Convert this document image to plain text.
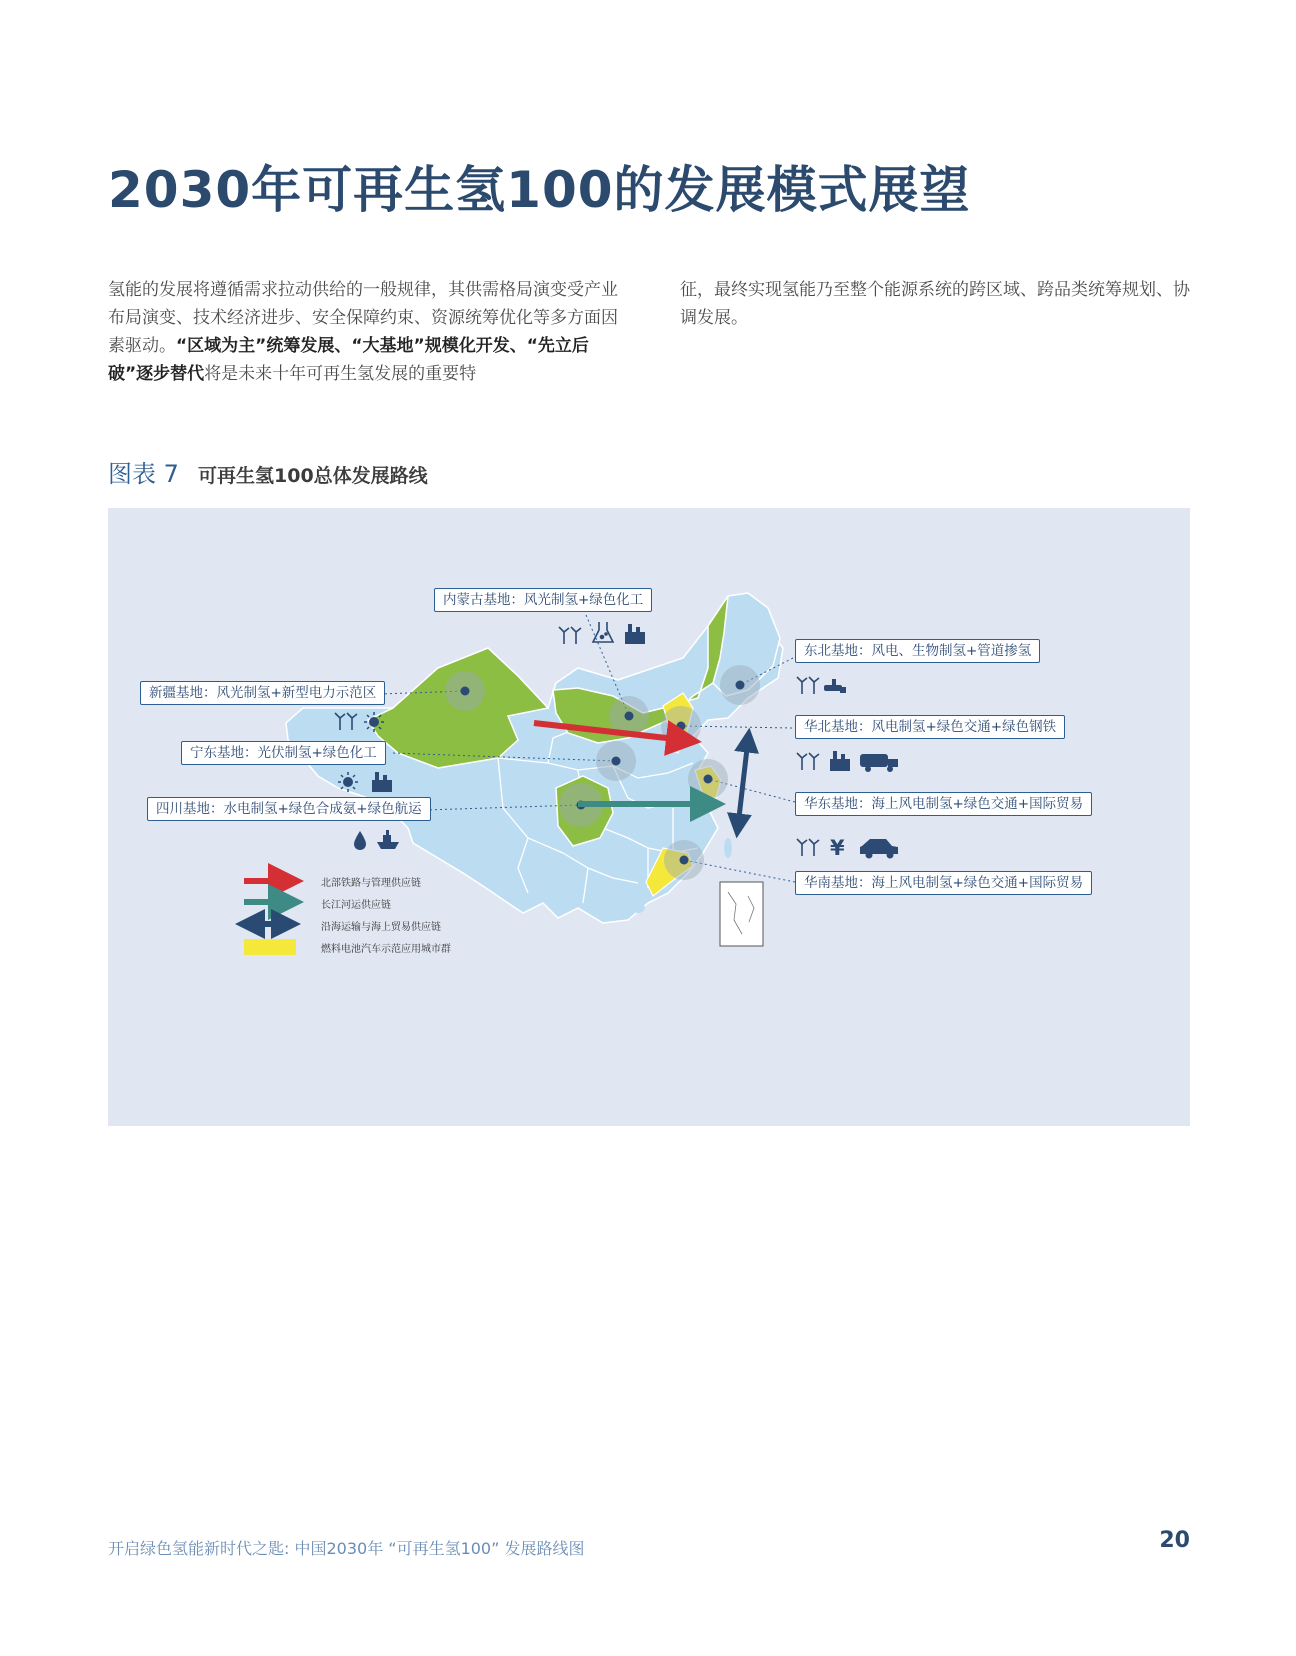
2030年可再生氢100的发展模式展望

氢能的发展将遵循需求拉动供给的一般规律，其供需格局演变受产业布局演变、技术经济进步、安全保障约束、资源统筹优化等多方面因素驱动。“区域为主”统筹发展、“大基地”规模化开发、“先立后破”逐步替代将是未来十年可再生氢发展的重要特

征，最终实现氢能乃至整个能源系统的跨区域、跨品类统筹规划、协调发展。

图表 7 可再生氢100总体发展路线
¥
内蒙古基地：风光制氢+绿色化工
东北基地：风电、生物制氢+管道掺氢
新疆基地：风光制氢+新型电力示范区
华北基地：风电制氢+绿色交通+绿色钢铁
宁东基地：光伏制氢+绿色化工
华东基地：海上风电制氢+绿色交通+国际贸易
四川基地：水电制氢+绿色合成氨+绿色航运
华南基地：海上风电制氢+绿色交通+国际贸易
北部铁路与管理供应链
长江河运供应链
沿海运输与海上贸易供应链
燃料电池汽车示范应用城市群
开启绿色氢能新时代之匙: 中国2030年 “可再生氢100” 发展路线图	20
